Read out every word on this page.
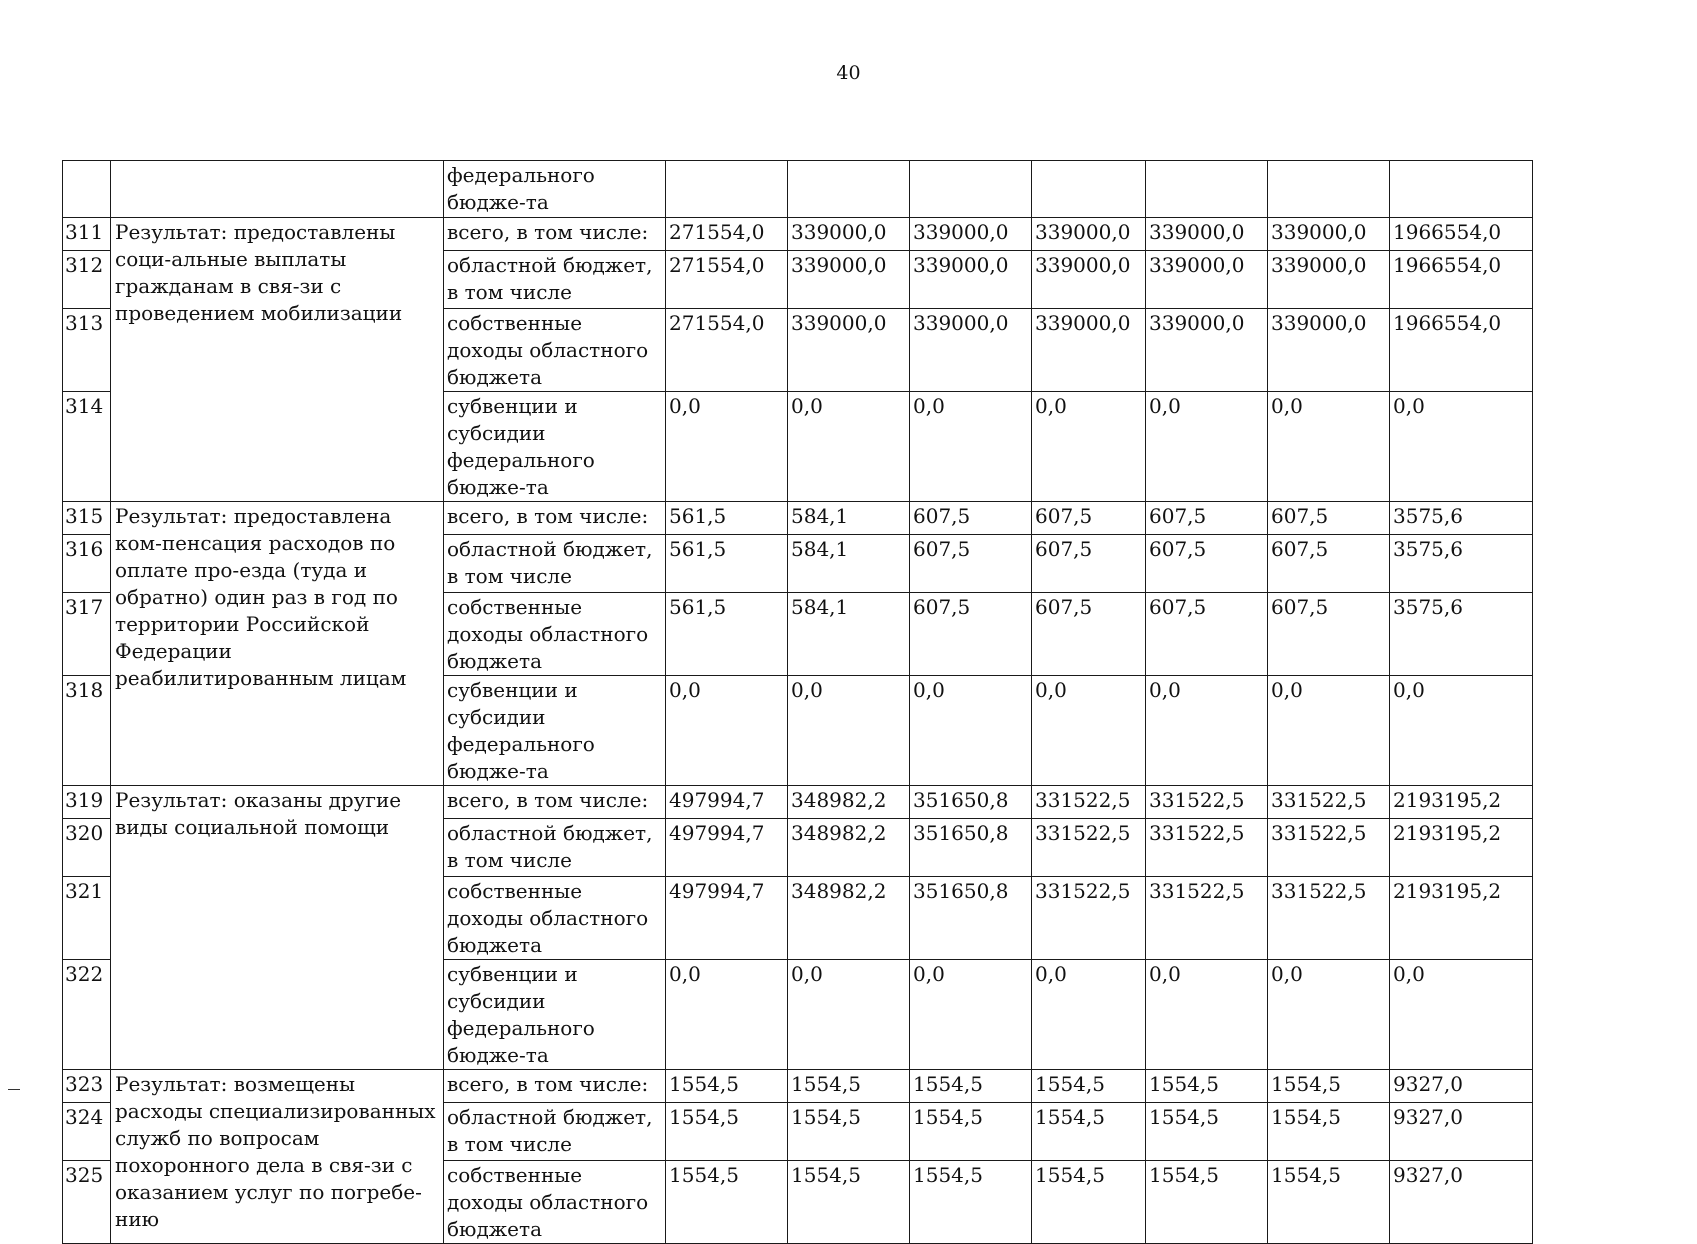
40
		федерального бюдже-та							
311	Результат: предоставлены соци-альные выплаты гражданам в свя-зи с проведением мобилизации	всего, в том числе:	271554,0	339000,0	339000,0	339000,0	339000,0	339000,0	1966554,0
312		областной бюджет, в том числе	271554,0	339000,0	339000,0	339000,0	339000,0	339000,0	1966554,0
313		собственные доходы областного бюджета	271554,0	339000,0	339000,0	339000,0	339000,0	339000,0	1966554,0
314		субвенции и субсидии федерального бюдже-та	0,0	0,0	0,0	0,0	0,0	0,0	0,0
315	Результат: предоставлена ком-пенсация расходов по оплате про-езда (туда и обратно) один раз в год по территории Российской Федерации реабилитированным лицам	всего, в том числе:	561,5	584,1	607,5	607,5	607,5	607,5	3575,6
316		областной бюджет, в том числе	561,5	584,1	607,5	607,5	607,5	607,5	3575,6
317		собственные доходы областного бюджета	561,5	584,1	607,5	607,5	607,5	607,5	3575,6
318		субвенции и субсидии федерального бюдже-та	0,0	0,0	0,0	0,0	0,0	0,0	0,0
319	Результат: оказаны другие виды социальной помощи	всего, в том числе:	497994,7	348982,2	351650,8	331522,5	331522,5	331522,5	2193195,2
320		областной бюджет, в том числе	497994,7	348982,2	351650,8	331522,5	331522,5	331522,5	2193195,2
321		собственные доходы областного бюджета	497994,7	348982,2	351650,8	331522,5	331522,5	331522,5	2193195,2
322		субвенции и субсидии федерального бюдже-та	0,0	0,0	0,0	0,0	0,0	0,0	0,0
323	Результат: возмещены расходы специализированных служб по вопросам похоронного дела в свя-зи с оказанием услуг по погребе-нию	всего, в том числе:	1554,5	1554,5	1554,5	1554,5	1554,5	1554,5	9327,0
324		областной бюджет, в том числе	1554,5	1554,5	1554,5	1554,5	1554,5	1554,5	9327,0
325		собственные доходы областного бюджета	1554,5	1554,5	1554,5	1554,5	1554,5	1554,5	9327,0
